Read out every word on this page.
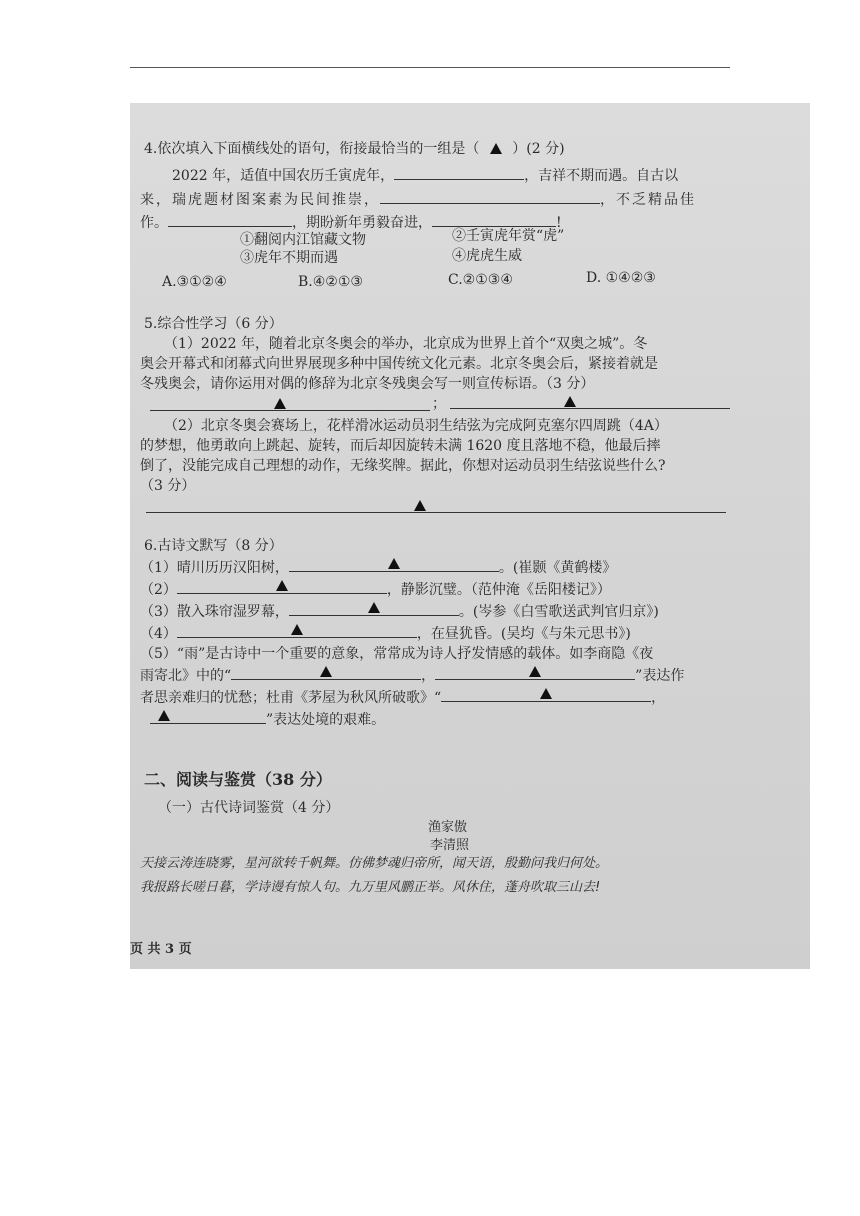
4.依次填入下面横线处的语句，衔接最恰当的一组是（ ）(2 分)
2022 年，适值中国农历壬寅虎年，	，吉祥不期而遇。自古以
来，瑞虎题材图案素为民间推崇，	，不乏精品佳
作。	，期盼新年勇毅奋进，	!
①翻阅内江馆藏文物	②壬寅虎年赏“虎”
③虎年不期而遇	④虎虎生威
A.③①②④	B.④②①③	C.②①③④	D. ①④②③
5.综合性学习（6 分）
（1）2022 年，随着北京冬奥会的举办，北京成为世界上首个“双奥之城”。冬
奥会开幕式和闭幕式向世界展现多种中国传统文化元素。北京冬奥会后，紧接着就是
冬残奥会，请你运用对偶的修辞为北京冬残奥会写一则宣传标语。（3 分）
；
（2）北京冬奥会赛场上，花样滑冰运动员羽生结弦为完成阿克塞尔四周跳（4A）
的梦想，他勇敢向上跳起、旋转，而后却因旋转未满 1620 度且落地不稳，他最后摔
倒了，没能完成自己理想的动作，无缘奖牌。据此，你想对运动员羽生结弦说些什么?
（3 分）
6.古诗文默写（8 分）
（1）晴川历历汉阳树，	。(崔颢《黄鹤楼》
（2）	，静影沉璧。（范仲淹《岳阳楼记》）
（3）散入珠帘湿罗幕，	。(岑参《白雪歌送武判官归京》)
（4）	，在昼犹昏。(吴均《与朱元思书》)
（5）“雨”是古诗中一个重要的意象，常常成为诗人抒发情感的载体。如李商隐《夜
雨寄北》中的“	，	”表达作
者思亲难归的忧愁；杜甫《茅屋为秋风所破歌》“	，
”表达处境的艰难。
二、阅读与鉴赏（38 分）
（一）古代诗词鉴赏（4 分）
渔家傲
李清照
天接云涛连晓雾，星河欲转千帆舞。仿佛梦魂归帝所，闻天语，殷勤问我归何处。
我报路长嗟日暮，学诗谩有惊人句。九万里风鹏正举。风休住，蓬舟吹取三山去!
页 共 3 页
